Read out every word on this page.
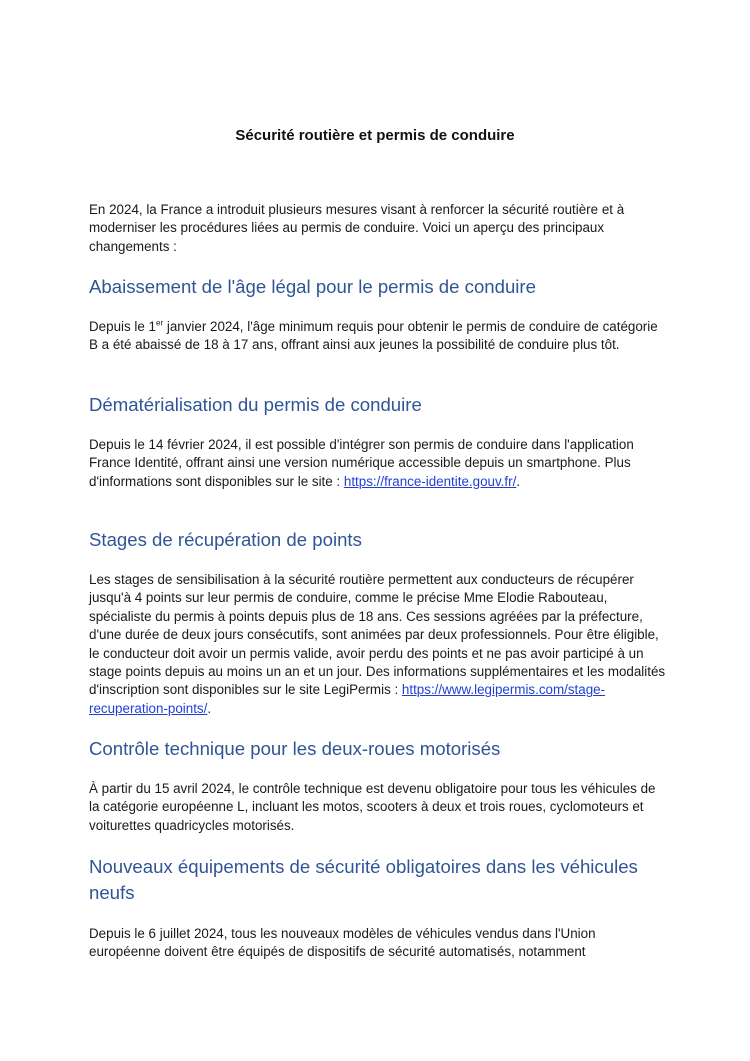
Sécurité routière et permis de conduire

En 2024, la France a introduit plusieurs mesures visant à renforcer la sécurité routière et à moderniser les procédures liées au permis de conduire. Voici un aperçu des principaux changements :

Abaissement de l'âge légal pour le permis de conduire

Depuis le 1er janvier 2024, l'âge minimum requis pour obtenir le permis de conduire de catégorie B a été abaissé de 18 à 17 ans, offrant ainsi aux jeunes la possibilité de conduire plus tôt.

Dématérialisation du permis de conduire

Depuis le 14 février 2024, il est possible d'intégrer son permis de conduire dans l'application France Identité, offrant ainsi une version numérique accessible depuis un smartphone. Plus d'informations sont disponibles sur le site : https://france-identite.gouv.fr/.

Stages de récupération de points

Les stages de sensibilisation à la sécurité routière permettent aux conducteurs de récupérer jusqu'à 4 points sur leur permis de conduire, comme le précise Mme Elodie Rabouteau, spécialiste du permis à points depuis plus de 18 ans. Ces sessions agréées par la préfecture, d'une durée de deux jours consécutifs, sont animées par deux professionnels. Pour être éligible, le conducteur doit avoir un permis valide, avoir perdu des points et ne pas avoir participé à un stage points depuis au moins un an et un jour. Des informations supplémentaires et les modalités d'inscription sont disponibles sur le site LegiPermis : https://www.legipermis.com/stage-recuperation-points/.

Contrôle technique pour les deux-roues motorisés

À partir du 15 avril 2024, le contrôle technique est devenu obligatoire pour tous les véhicules de la catégorie européenne L, incluant les motos, scooters à deux et trois roues, cyclomoteurs et voiturettes quadricycles motorisés.

Nouveaux équipements de sécurité obligatoires dans les véhicules neufs

Depuis le 6 juillet 2024, tous les nouveaux modèles de véhicules vendus dans l'Union européenne doivent être équipés de dispositifs de sécurité automatisés, notamment
